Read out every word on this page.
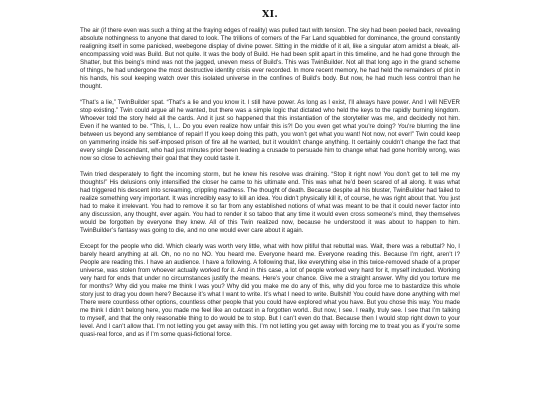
XI.

The air (if there even was such a thing at the fraying edges of reality) was pulled taut with tension. The sky had been peeled back, revealing absolute nothingness to anyone that dared to look. The trillions of corners of the Far Land squabbled for dominance, the ground constantly realigning itself in some panicked, weebegone display of divine power. Sitting in the middle of it all, like a singular atom amidst a bleak, all-encompassing void was Build. But not quite. It was the body of Build. He had been split apart in this timeline, and he had gone through the Shatter, but this being’s mind was not the jagged, uneven mess of Build’s. This was TwinBuilder. Not all that long ago in the grand scheme of things, he had undergone the most destructive identity crisis ever recorded. In more recent memory, he had held the remainders of plot in his hands, his soul keeping watch over this isolated universe in the confines of Build’s body. But now, he had much less control than he thought.

“That’s a lie,” TwinBuilder spat. “That’s a lie and you know it. I still have power. As long as I exist, I’ll always have power. And I will NEVER stop existing.” Twin could argue all he wanted, but there was a simple logic that dictated who held the keys to the rapidly burning kingdom. Whoever told the story held all the cards. And it just so happened that this instantiation of the storyteller was me, and decidedly not him. Even if he wanted to be. “This, I, I... Do you even realize how unfair this is?! Do you even get what you’re doing? You’re blurring the line between us beyond any semblance of repair! If you keep doing this path, you won’t get what you want! Not now, not ever!” Twin could keep on yammering inside his self-imposed prison of fire all he wanted, but it wouldn’t change anything. It certainly couldn’t change the fact that every single Descendant, who had just minutes prior been leading a crusade to persuade him to change what had gone horribly wrong, was now so close to achieving their goal that they could taste it.

Twin tried desperately to fight the incoming storm, but he knew his resolve was draining. “Stop it right now! You don’t get to tell me my thoughts!” His delusions only intensified the closer he came to his ultimate end. This was what he’d been scared of all along. It was what had triggered his descent into screaming, crippling madness. The thought of death. Because despite all his bluster, TwinBuilder had failed to realize something very important. It was incredibly easy to kill an idea. You didn’t physically kill it, of course, he was right about that. You just had to make it irrelevant. You had to remove it so far from any established notions of what was meant to be that it could never factor into any discussion, any thought, ever again. You had to render it so taboo that any time it would even cross someone’s mind, they themselves would be forgotten by everyone they knew. All of this Twin realized now, because he understood it was about to happen to him. TwinBuilder’s fantasy was going to die, and no one would ever care about it again.

Except for the people who did. Which clearly was worth very little, what with how pitiful that rebuttal was. Wait, there was a rebuttal? No, I barely heard anything at all. Oh, no no no NO. You heard me. Everyone heard me. Everyone reading this. Because I’m right, aren’t I? People are reading this. I have an audience. I have a following. A following that, like everything else in this twice-removed shade of a proper universe, was stolen from whoever actually worked for it. And in this case, a lot of people worked very hard for it, myself included. Working very hard for ends that under no circumstances justify the means. Here’s your chance. Give me a straight answer. Why did you torture me for months? Why did you make me think I was you? Why did you make me do any of this, why did you force me to bastardize this whole story just to drag you down here? Because it’s what I want to write. It’s what I need to write. Bullshit! You could have done anything with me! There were countless other options, countless other people that you could have explored what you have. But you chose this way. You made me think I didn’t belong here, you made me feel like an outcast in a forgotten world.. But now, I see. I really, truly see. I see that I’m talking to myself, and that the only reasonable thing to do would be to stop. But I can’t even do that. Because then I would stop right down to your level. And I can’t allow that. I’m not letting you get away with this. I’m not letting you get away with forcing me to treat you as if you’re some quasi-real force, and as if I’m some quasi-fictional force.
